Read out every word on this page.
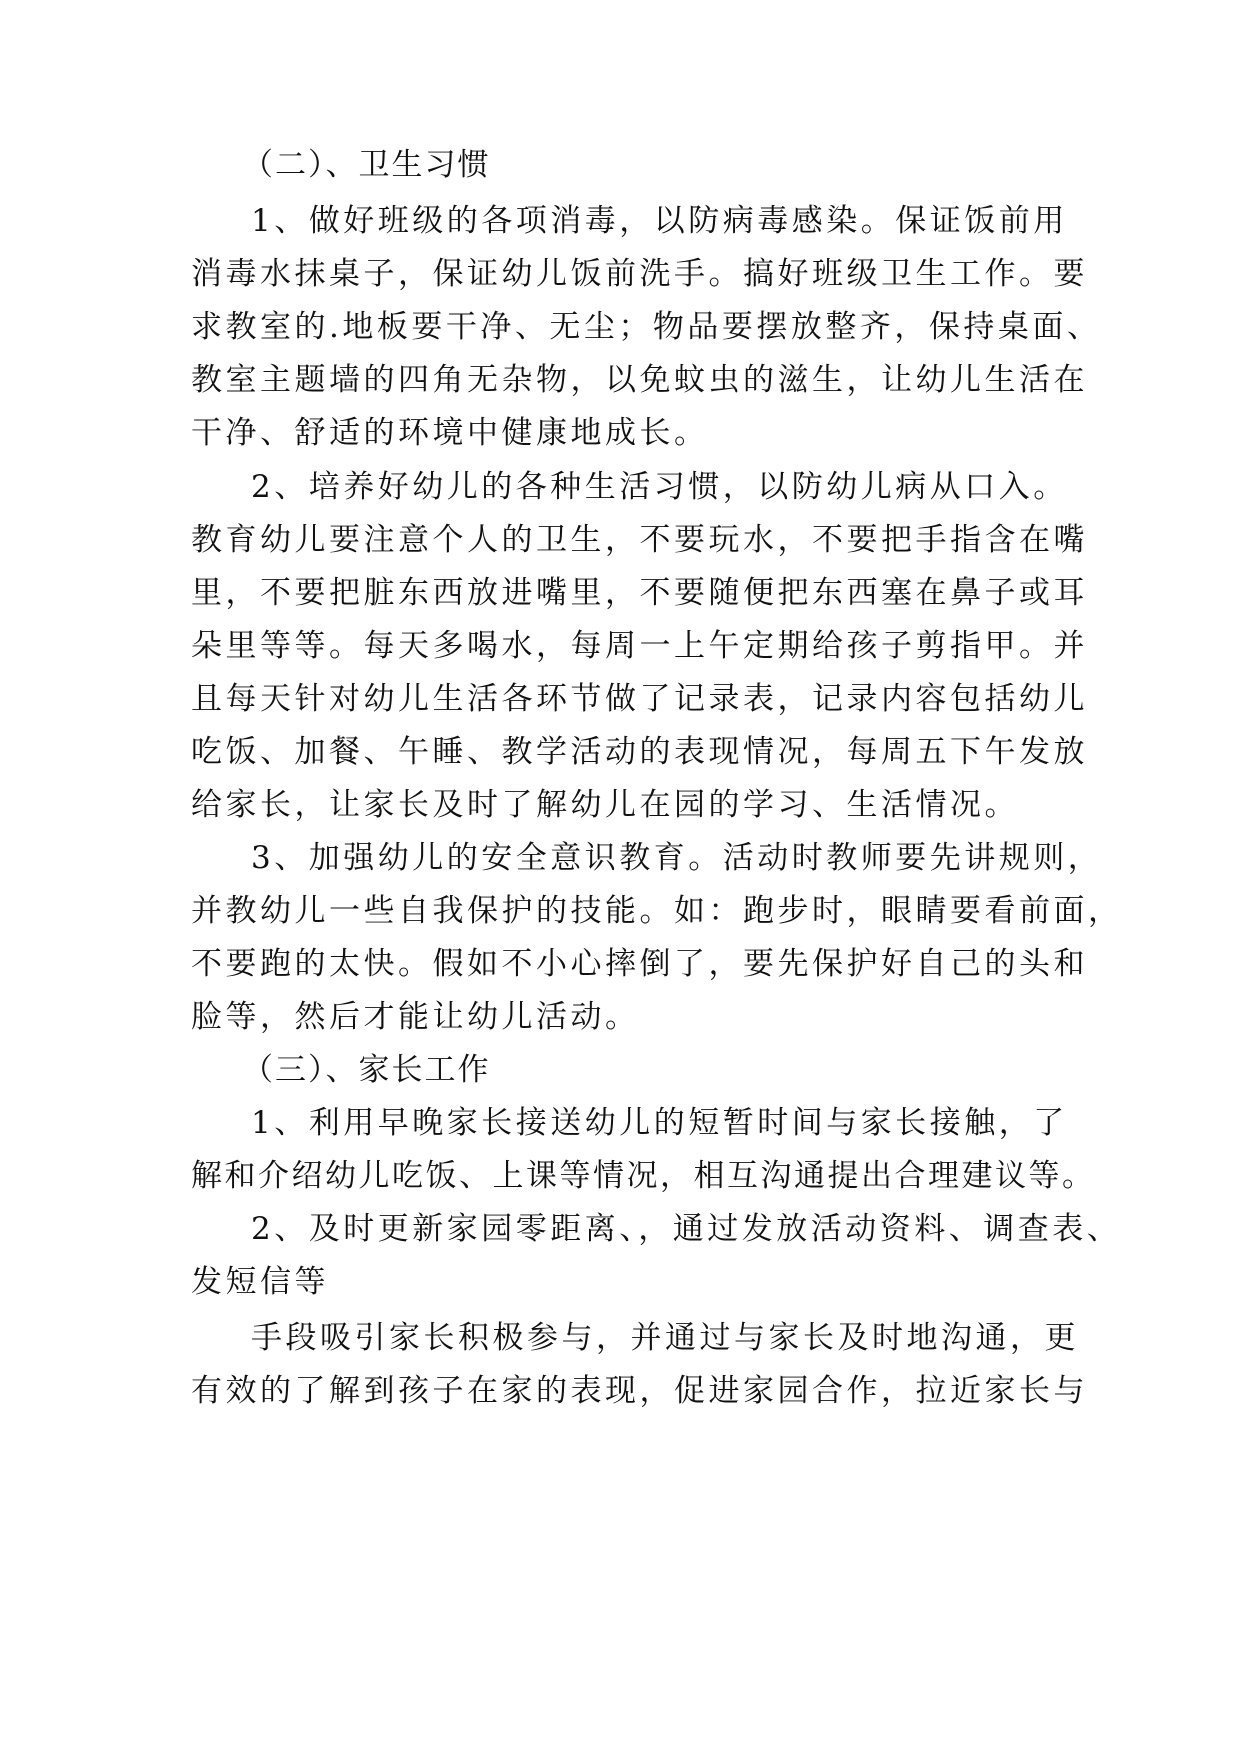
（二）、卫生习惯

1、做好班级的各项消毒，以防病毒感染。保证饭前用

消毒水抹桌子，保证幼儿饭前洗手。搞好班级卫生工作。要

求教室的.地板要干净、无尘；物品要摆放整齐，保持桌面、

教室主题墙的四角无杂物，以免蚊虫的滋生，让幼儿生活在

干净、舒适的环境中健康地成长。

2、培养好幼儿的各种生活习惯，以防幼儿病从口入。

教育幼儿要注意个人的卫生，不要玩水，不要把手指含在嘴

里，不要把脏东西放进嘴里，不要随便把东西塞在鼻子或耳

朵里等等。每天多喝水，每周一上午定期给孩子剪指甲。并

且每天针对幼儿生活各环节做了记录表，记录内容包括幼儿

吃饭、加餐、午睡、教学活动的表现情况，每周五下午发放

给家长，让家长及时了解幼儿在园的学习、生活情况。

3、加强幼儿的安全意识教育。活动时教师要先讲规则，

并教幼儿一些自我保护的技能。如：跑步时，眼睛要看前面，

不要跑的太快。假如不小心摔倒了，要先保护好自己的头和

脸等，然后才能让幼儿活动。

（三）、家长工作

1、利用早晚家长接送幼儿的短暂时间与家长接触，了

解和介绍幼儿吃饭、上课等情况，相互沟通提出合理建议等。

2、及时更新家园零距离、，通过发放活动资料、调查表、

发短信等

手段吸引家长积极参与，并通过与家长及时地沟通，更

有效的了解到孩子在家的表现，促进家园合作，拉近家长与
